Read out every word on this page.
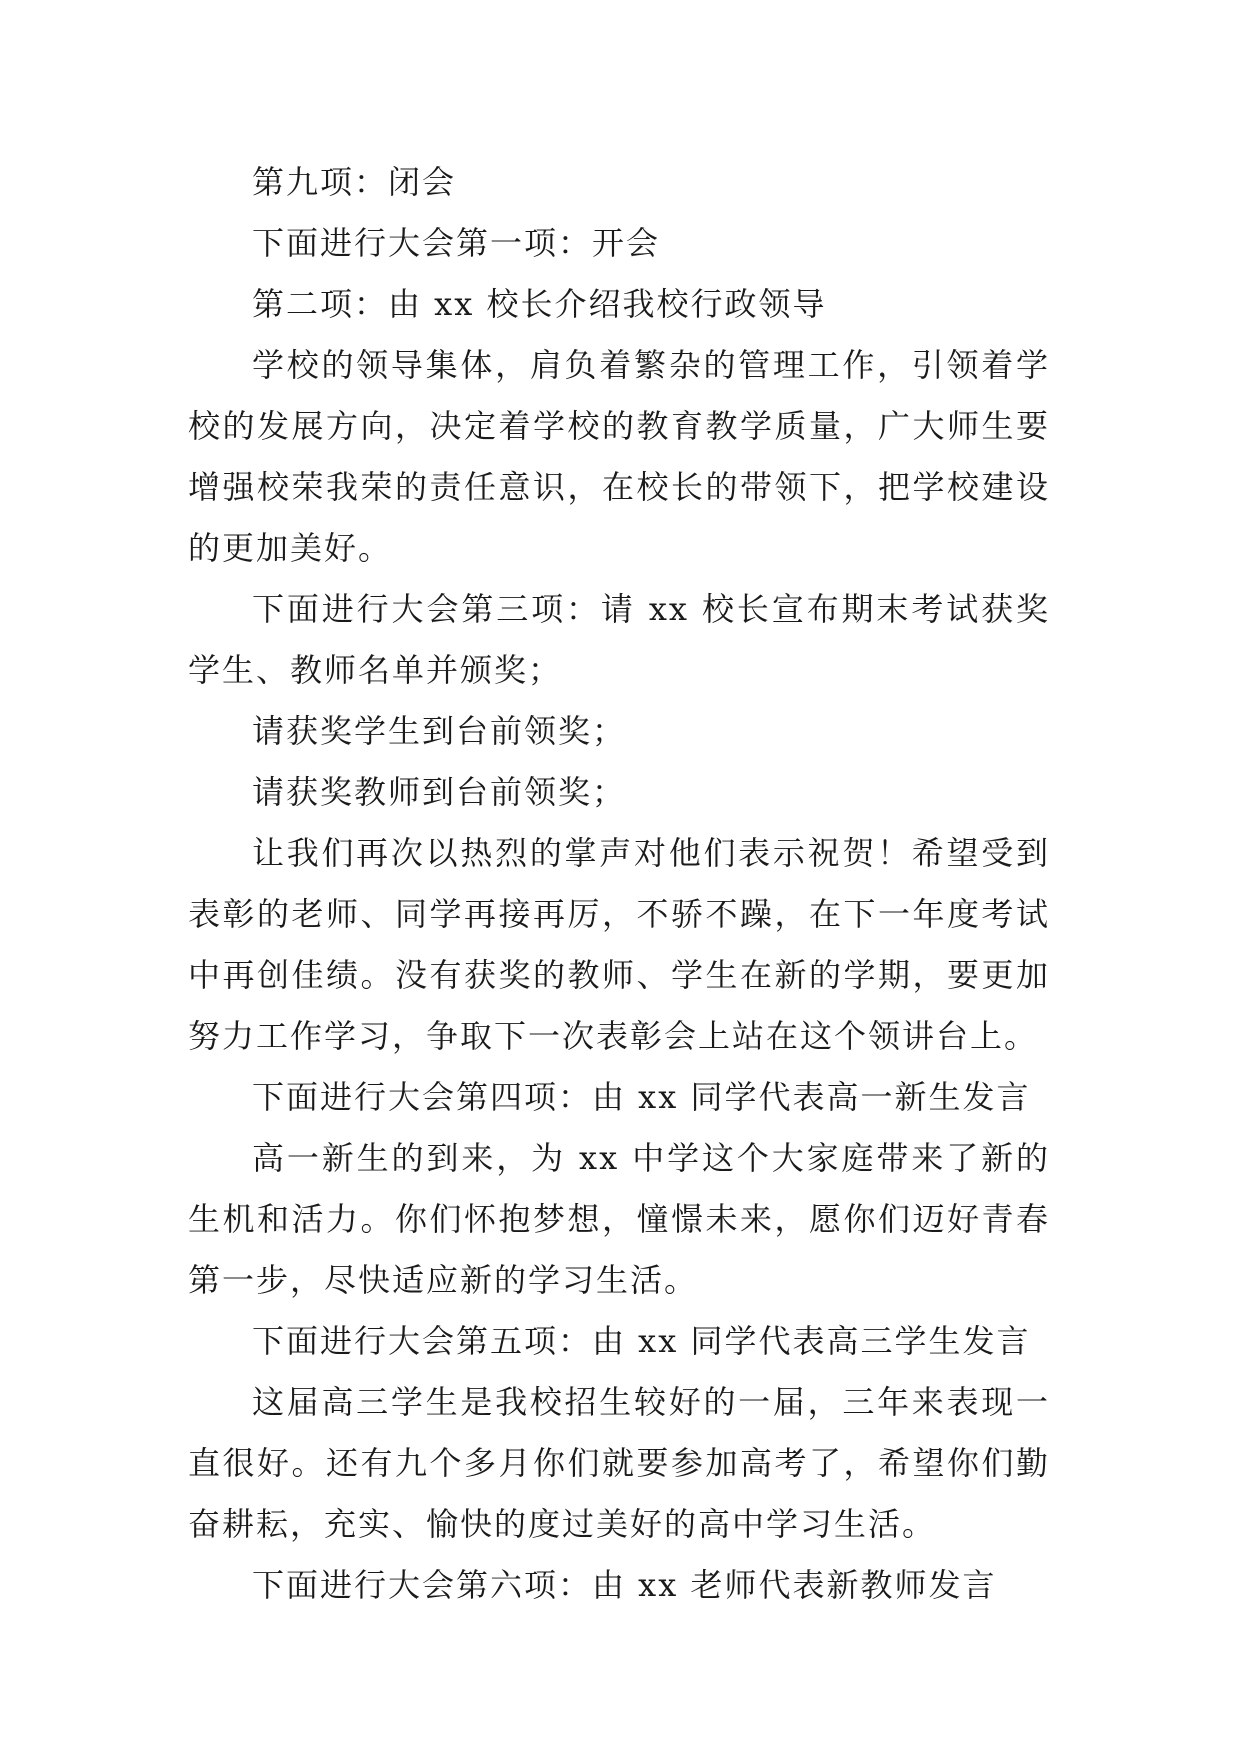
第九项：闭会

下面进行大会第一项：开会

第二项：由 xx 校长介绍我校行政领导

学校的领导集体，肩负着繁杂的管理工作，引领着学校的发展方向，决定着学校的教育教学质量，广大师生要增强校荣我荣的责任意识，在校长的带领下，把学校建设的更加美好。

下面进行大会第三项：请 xx 校长宣布期末考试获奖学生、教师名单并颁奖；

请获奖学生到台前领奖；

请获奖教师到台前领奖；

让我们再次以热烈的掌声对他们表示祝贺！希望受到表彰的老师、同学再接再厉，不骄不躁，在下一年度考试中再创佳绩。没有获奖的教师、学生在新的学期，要更加努力工作学习，争取下一次表彰会上站在这个领讲台上。

下面进行大会第四项：由 xx 同学代表高一新生发言

高一新生的到来，为 xx 中学这个大家庭带来了新的生机和活力。你们怀抱梦想，憧憬未来，愿你们迈好青春第一步，尽快适应新的学习生活。

下面进行大会第五项：由 xx 同学代表高三学生发言

这届高三学生是我校招生较好的一届，三年来表现一直很好。还有九个多月你们就要参加高考了，希望你们勤奋耕耘，充实、愉快的度过美好的高中学习生活。

下面进行大会第六项：由 xx 老师代表新教师发言
